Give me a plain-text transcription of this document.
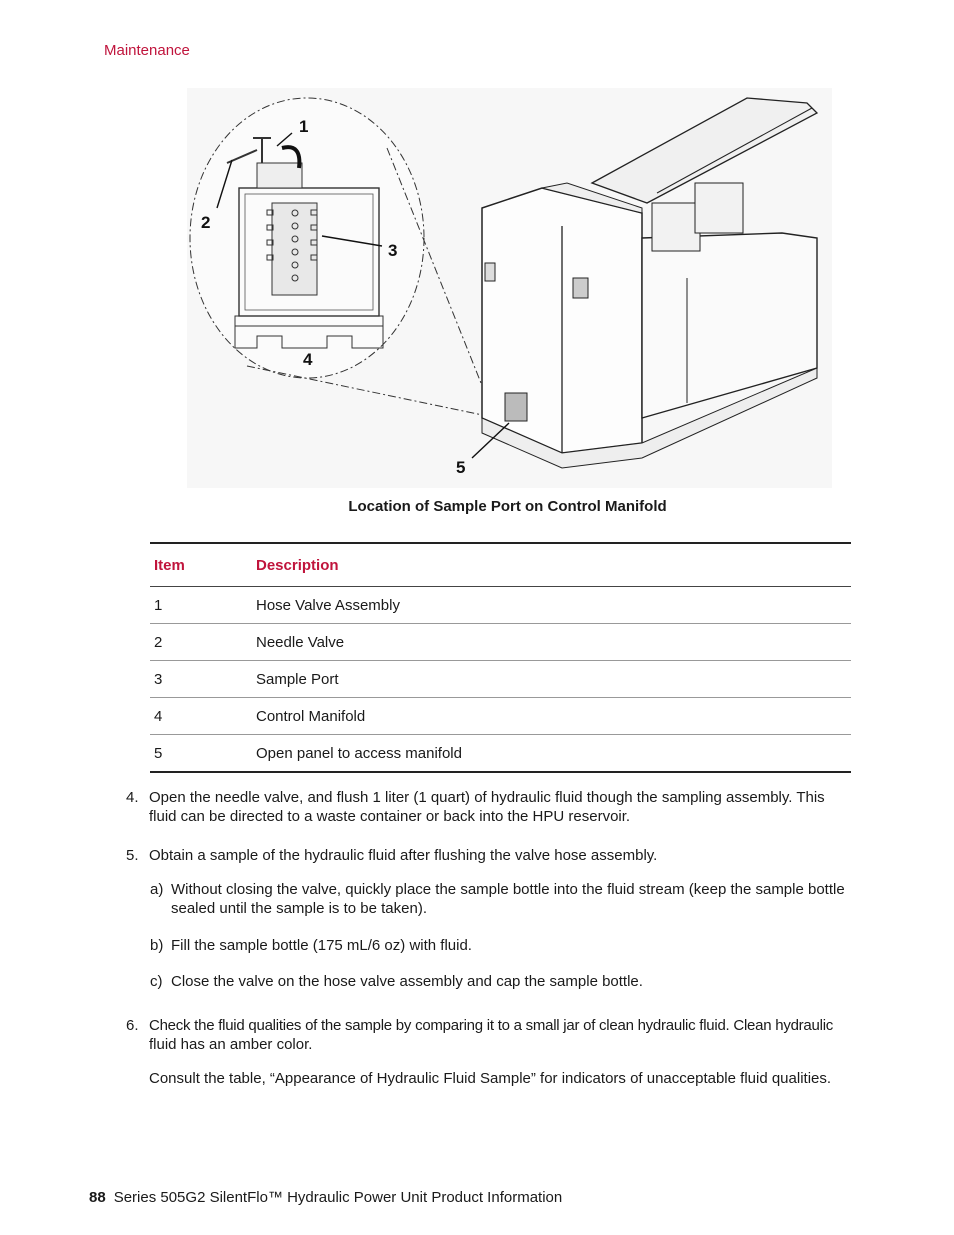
Maintenance
1
2
3
4
5
Location of Sample Port on Control Manifold
Item	Description
1	Hose Valve Assembly
2	Needle Valve
3	Sample Port
4	Control Manifold
5	Open panel to access manifold
4. Open the needle valve, and flush 1 liter (1 quart) of hydraulic fluid though the sampling assembly. This
fluid can be directed to a waste container or back into the HPU reservoir.
5. Obtain a sample of the hydraulic fluid after flushing the valve hose assembly.
a) Without closing the valve, quickly place the sample bottle into the fluid stream (keep the sample bottle
sealed until the sample is to be taken).
b) Fill the sample bottle (175 mL/6 oz) with fluid.
c) Close the valve on the hose valve assembly and cap the sample bottle.
6. Check the fluid qualities of the sample by comparing it to a small jar of clean hydraulic fluid. Clean hydraulic
fluid has an amber color.
Consult the table, “Appearance of Hydraulic Fluid Sample” for indicators of unacceptable fluid qualities.
88 Series 505G2 SilentFlo™ Hydraulic Power Unit Product Information
